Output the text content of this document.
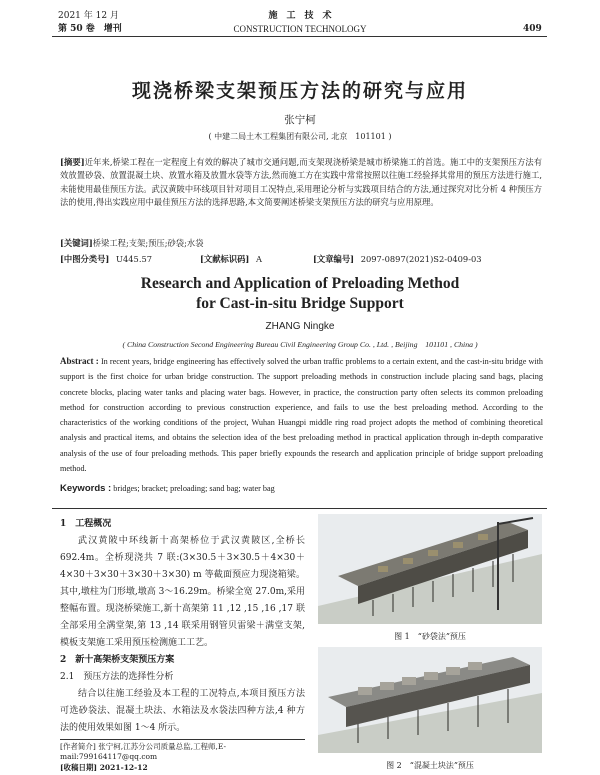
2021 年 12 月
第 50 卷　增刊
施　工　技　术
CONSTRUCTION TECHNOLOGY	409
现浇桥梁支架预压方法的研究与应用
张宁柯
( 中建二局土木工程集团有限公司, 北京　101101 )
[摘要]近年来,桥梁工程在一定程度上有效的解决了城市交通问题,而支架现浇桥梁是城市桥梁施工的首选。施工中的支架预压方法有效放置砂袋、放置混凝土块、放置水箱及放置水袋等方法,然而施工方在实践中常常按照以往施工经验择其常用的预压方法进行施工,未能使用最佳预压方法。武汉黄陂中环线项目针对项目工况特点,采用理论分析与实践项目结合的方法,通过探究对比分析 4 种预压方法的使用,得出实践应用中最佳预压方法的选择思路,本文简要阐述桥梁支架预压方法的研究与应用原理。
[关键词]桥梁工程;支架;预压;砂袋;水袋
[中图分类号] U445.57	[文献标识码] A	[文章编号] 2097-0897(2021)S2-0409-03
Research and Application of Preloading Method
for Cast-in-situ Bridge Support
ZHANG Ningke
( China Construction Second Engineering Bureau Civil Engineering Group Co. , Ltd. , Beijing　101101 , China )
Abstract : In recent years, bridge engineering has effectively solved the urban traffic problems to a certain extent, and the cast-in-situ bridge with support is the first choice for urban bridge construction. The support preloading methods in construction include placing sand bags, placing concrete blocks, placing water tanks and placing water bags. However, in practice, the construction party often selects its common preloading method for construction according to previous construction experience, and fails to use the best preloading method. According to the characteristics of the working conditions of the project, Wuhan Huangpi middle ring road project adopts the method of combining theoretical analysis and practical items, and obtains the selection idea of the best preloading method in practical application through in-depth comparative analysis of the use of four preloading methods. This paper briefly expounds the research and application principle of bridge support preloading method.
Keywords : bridges; bracket; preloading; sand bag; water bag
1　工程概况
武汉黄陂中环线新十高架桥位于武汉黄陂区,全桥长 692.4m。全桥现浇共 7 联:(3×30.5＋3×30.5＋4×30＋4×30＋3×30＋3×30＋3×30) m 等截面预应力现浇箱梁。其中,墩柱为门形墩,墩高 3～16.29m。桥梁全宽 27.0m,采用整幅布置。现浇桥梁施工,新十高架第 11 ,12 ,15 ,16 ,17 联全部采用全满堂架,第 13 ,14 联采用钢管贝雷梁＋满堂支架,模板支架施工采用预压检测施工工艺。
2　新十高架桥支架预压方案
2.1　预压方法的选择性分析
结合以往施工经验及本工程的工况特点,本项目预压方法可选砂袋法、混凝土块法、水箱法及水袋法四种方法,4 种方法的使用效果如图 1～4 所示。
[作者简介] 张宁柯,江苏分公司质量总监,工程师,E-mail:799164117@qq.com
[收稿日期] 2021-12-12
图 1　“砂袋法”预压
图 2　“混凝土块法”预压
